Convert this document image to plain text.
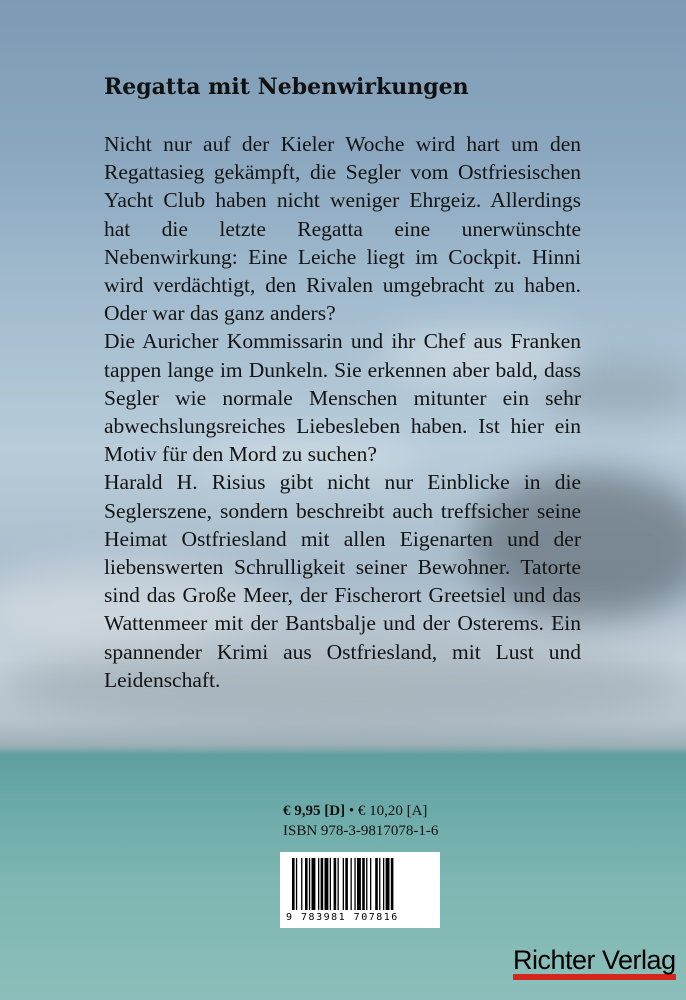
Regatta mit Nebenwirkungen

Nicht nur auf der Kieler Woche wird hart um den Regattasieg gekämpft, die Segler vom Ostfriesischen Yacht Club haben nicht weniger Ehrgeiz. Allerdings hat die letzte Regatta eine unerwünschte Nebenwirkung: Eine Leiche liegt im Cockpit. Hinni wird verdächtigt, den Rivalen umgebracht zu haben. Oder war das ganz anders?

Die Auricher Kommissarin und ihr Chef aus Franken tappen lange im Dunkeln. Sie erkennen aber bald, dass Segler wie normale Menschen mitunter ein sehr abwechslungsreiches Liebesleben haben. Ist hier ein Motiv für den Mord zu suchen?

Harald H. Risius gibt nicht nur Einblicke in die Seglerszene, sondern beschreibt auch treffsicher seine Heimat Ostfriesland mit allen Eigenarten und der liebenswerten Schrulligkeit seiner Bewohner. Tatorte sind das Große Meer, der Fischerort Greetsiel und das Wattenmeer mit der Bantsbalje und der Osterems. Ein spannender Krimi aus Ostfriesland, mit Lust und Leidenschaft.

€ 9,95 [D] • € 10,20 [A]
ISBN 978-3-9817078-1-6
9 783981 707816
Richter Verlag
